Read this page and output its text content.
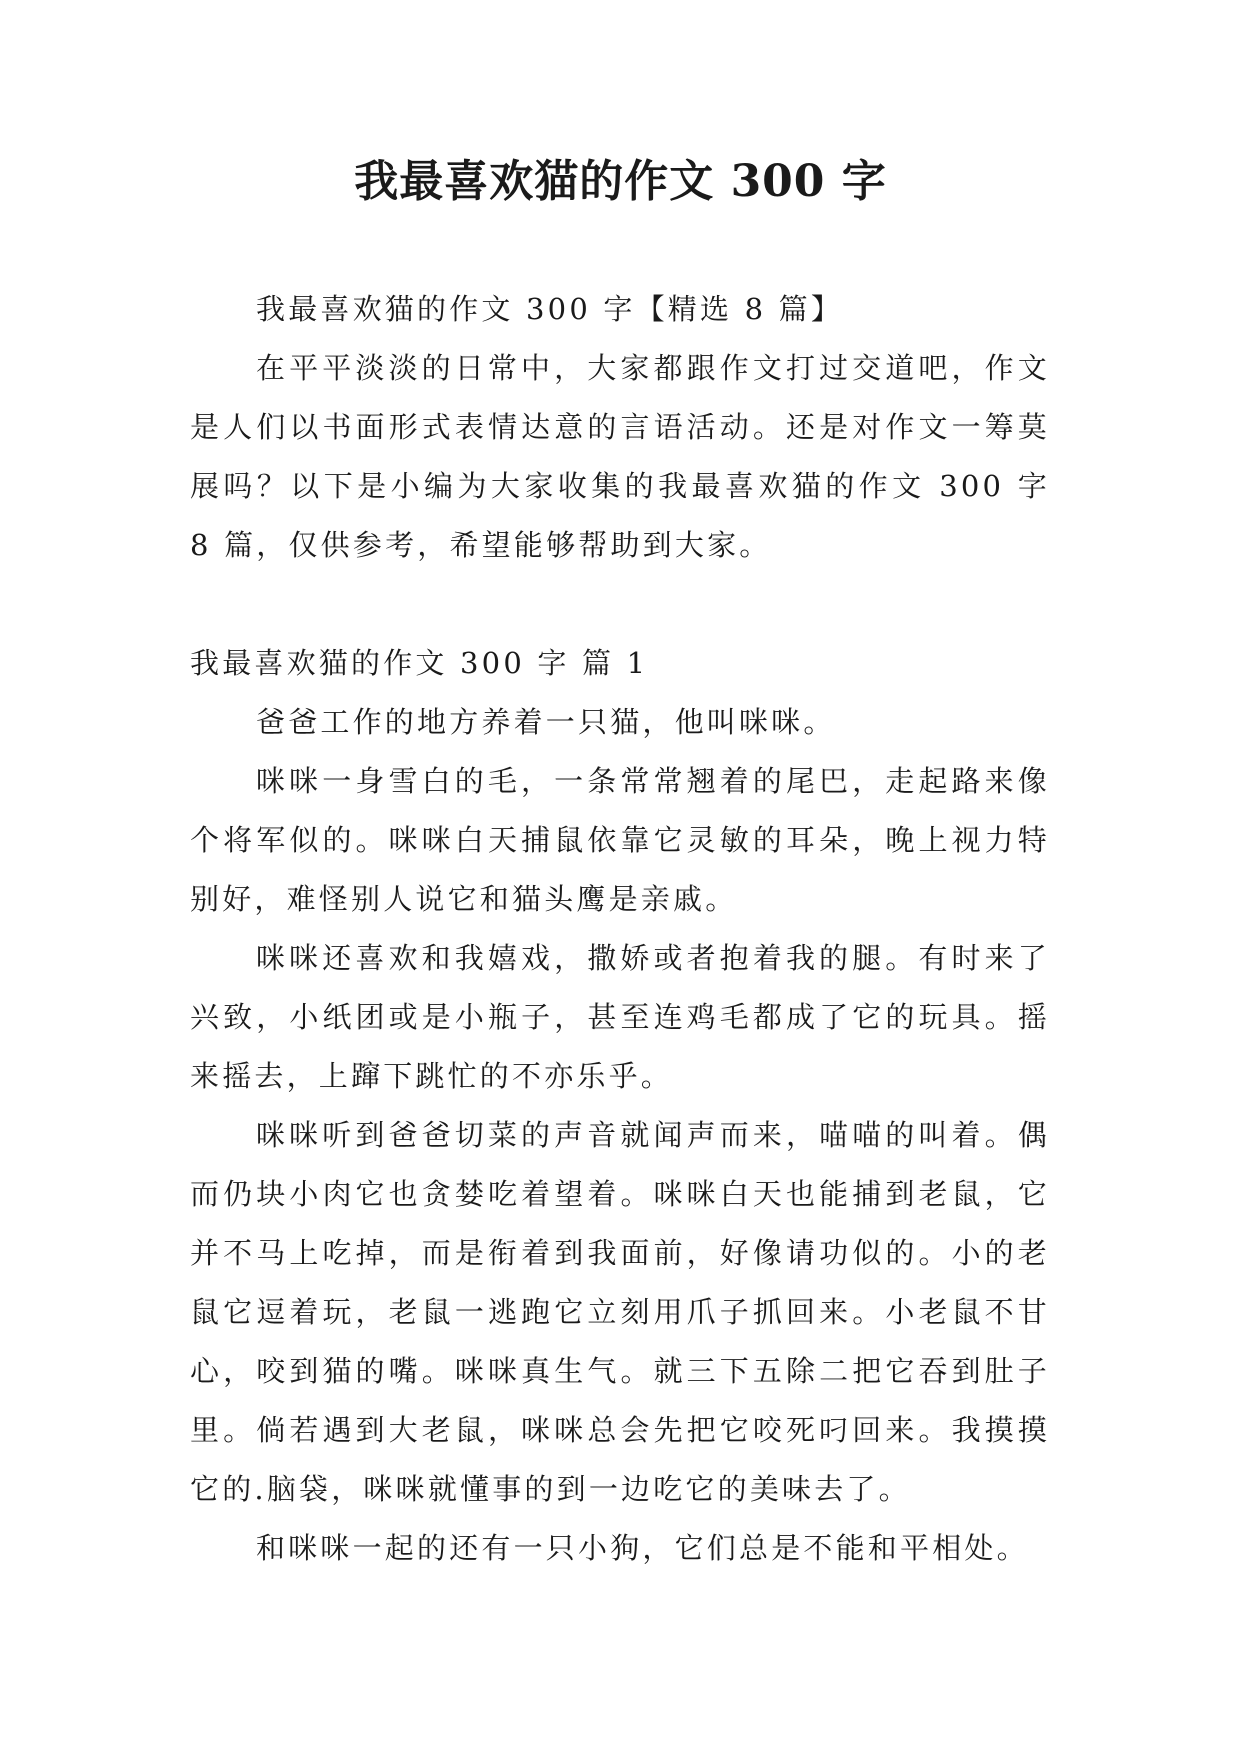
我最喜欢猫的作文 300 字

我最喜欢猫的作文 300 字【精选 8 篇】

在平平淡淡的日常中，大家都跟作文打过交道吧，作文是人们以书面形式表情达意的言语活动。还是对作文一筹莫展吗？以下是小编为大家收集的我最喜欢猫的作文 300 字 8 篇，仅供参考，希望能够帮助到大家。

我最喜欢猫的作文 300 字 篇 1

爸爸工作的地方养着一只猫，他叫咪咪。

咪咪一身雪白的毛，一条常常翘着的尾巴，走起路来像个将军似的。咪咪白天捕鼠依靠它灵敏的耳朵，晚上视力特别好，难怪别人说它和猫头鹰是亲戚。

咪咪还喜欢和我嬉戏，撒娇或者抱着我的腿。有时来了兴致，小纸团或是小瓶子，甚至连鸡毛都成了它的玩具。摇来摇去，上蹿下跳忙的不亦乐乎。

咪咪听到爸爸切菜的声音就闻声而来，喵喵的叫着。偶而仍块小肉它也贪婪吃着望着。咪咪白天也能捕到老鼠，它并不马上吃掉，而是衔着到我面前，好像请功似的。小的老鼠它逗着玩，老鼠一逃跑它立刻用爪子抓回来。小老鼠不甘心，咬到猫的嘴。咪咪真生气。就三下五除二把它吞到肚子里。倘若遇到大老鼠，咪咪总会先把它咬死叼回来。我摸摸它的.脑袋，咪咪就懂事的到一边吃它的美味去了。

和咪咪一起的还有一只小狗，它们总是不能和平相处。
